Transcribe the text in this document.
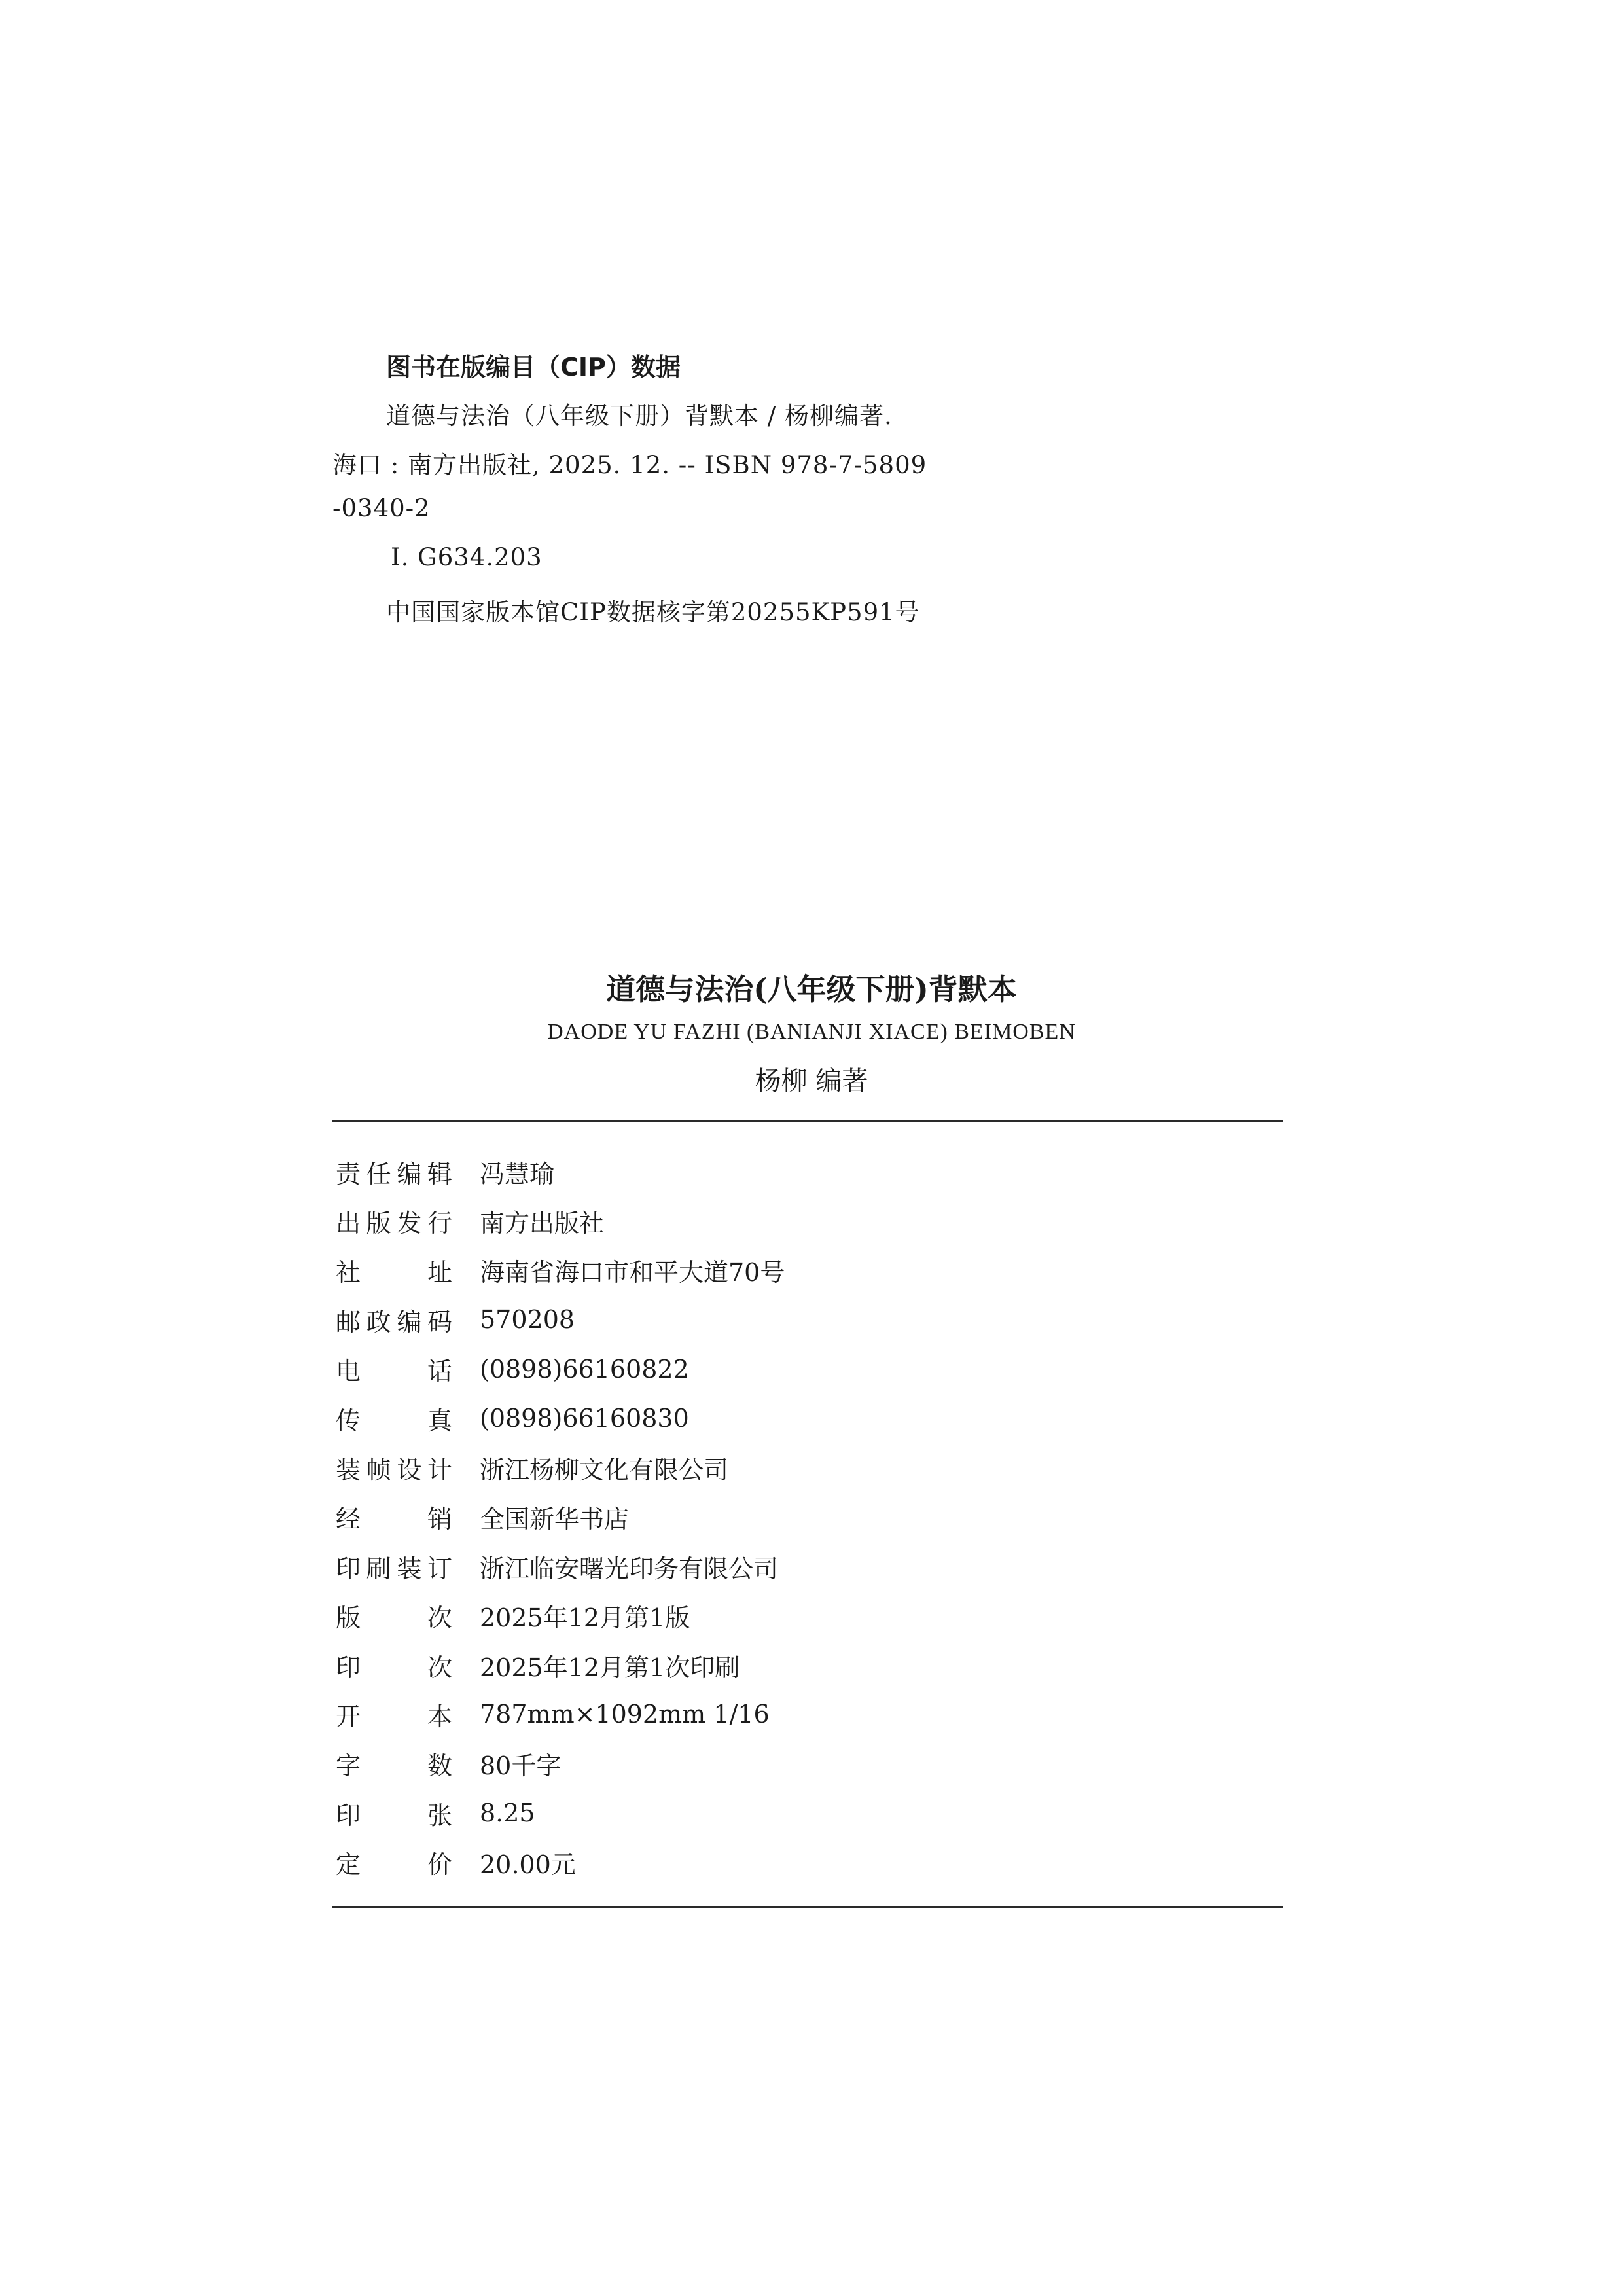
图书在版编目（CIP）数据
道德与法治（八年级下册）背默本 / 杨柳编著.
海口 : 南方出版社, 2025. 12. -- ISBN 978-7-5809
-0340-2
Ⅰ. G634.203
中国国家版本馆CIP数据核字第20255KP591号
道德与法治(八年级下册)背默本
DAODE YU FAZHI (BANIANJI XIACE) BEIMOBEN
杨柳 编著
责 任 编 辑 冯慧瑜
出 版 发 行 南方出版社
社	址 海南省海口市和平大道70号
邮 政 编 码 570208
电	话 (0898)66160822
传	真 (0898)66160830
装 帧 设 计 浙江杨柳文化有限公司
经	销 全国新华书店
印 刷 装 订 浙江临安曙光印务有限公司
版	次 2025年12月第1版
印	次 2025年12月第1次印刷
开	本 787mm×1092mm 1/16
字	数 80千字
印	张 8.25
定	价 20.00元
